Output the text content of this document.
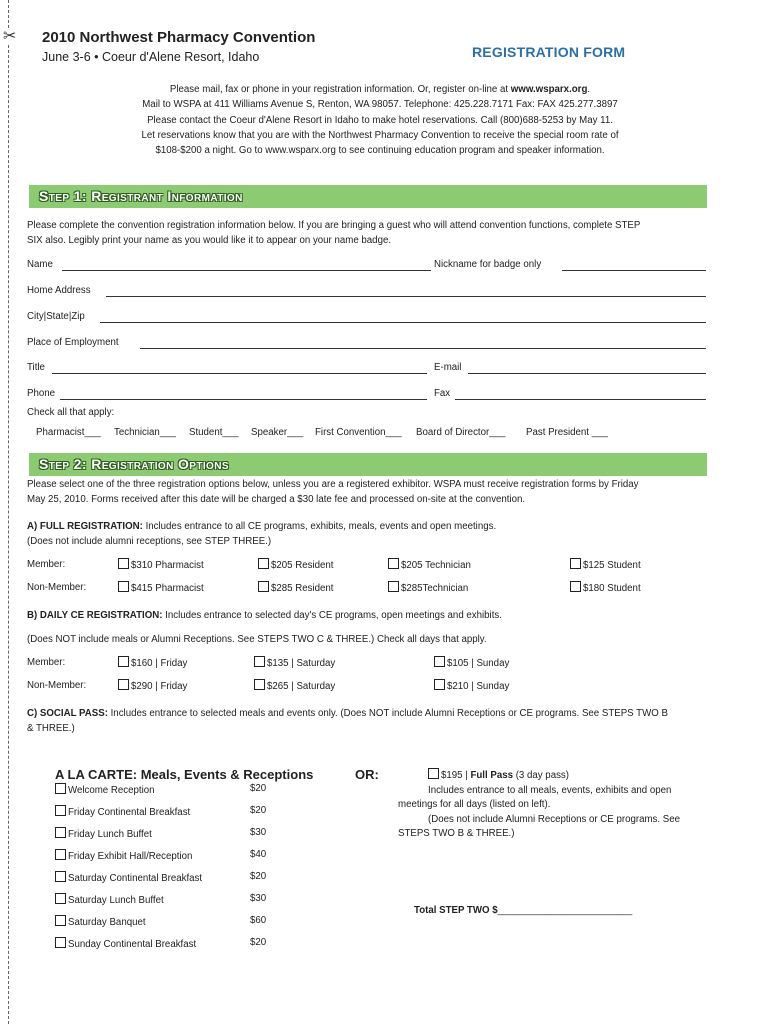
✂ 2010 Northwest Pharmacy Convention
June 3-6 • Coeur d'Alene Resort, Idaho	REGISTRATION FORM
Please mail, fax or phone in your registration information. Or, register on-line at www.wsparx.org.
Mail to WSPA at 411 Williams Avenue S, Renton, WA 98057. Telephone: 425.228.7171 Fax: FAX 425.277.3897
Please contact the Coeur d'Alene Resort in Idaho to make hotel reservations. Call (800)688-5253 by May 11.
Let reservations know that you are with the Northwest Pharmacy Convention to receive the special room rate of
$108-$200 a night. Go to www.wsparx.org to see continuing education program and speaker information.
Step 1: Registrant Information
Please complete the convention registration information below. If you are bringing a guest who will attend convention functions, complete STEP
SIX also. Legibly print your name as you would like it to appear on your name badge.
Name	Nickname for badge only
Home Address
City|State|Zip
Place of Employment
Title	E-mail
Phone	Fax
Check all that apply:
Pharmacist___ Technician___ Student___ Speaker___ First Convention___ Board of Director___ Past President ___
Step 2: Registration Options
Please select one of the three registration options below, unless you are a registered exhibitor. WSPA must receive registration forms by Friday
May 25, 2010. Forms received after this date will be charged a $30 late fee and processed on-site at the convention.
A) FULL REGISTRATION: Includes entrance to all CE programs, exhibits, meals, events and open meetings.
(Does not include alumni receptions, see STEP THREE.)
Member:	$310 Pharmacist	$205 Resident	$205 Technician	$125 Student
Non-Member:	$415 Pharmacist	$285 Resident	$285Technician	$180 Student
B) DAILY CE REGISTRATION: Includes entrance to selected day's CE programs, open meetings and exhibits.
(Does NOT include meals or Alumni Receptions. See STEPS TWO C & THREE.) Check all days that apply.
Member:	$160 | Friday	$135 | Saturday	$105 | Sunday
Non-Member:	$290 | Friday	$265 | Saturday	$210 | Sunday
C) SOCIAL PASS: Includes entrance to selected meals and events only. (Does NOT include Alumni Receptions or CE programs. See STEPS TWO B
& THREE.)
A LA CARTE: Meals, Events & Receptions	OR:
Welcome Reception	$20
Friday Continental Breakfast	$20
Friday Lunch Buffet	$30
Friday Exhibit Hall/Reception	$40
Saturday Continental Breakfast	$20
Saturday Lunch Buffet	$30
Saturday Banquet	$60
Sunday Continental Breakfast	$20
$195 | Full Pass (3 day pass)
Includes entrance to all meals, events, exhibits and open
meetings for all days (listed on left).
(Does not include Alumni Receptions or CE programs. See
STEPS TWO B & THREE.)
Total STEP TWO $_________________________
